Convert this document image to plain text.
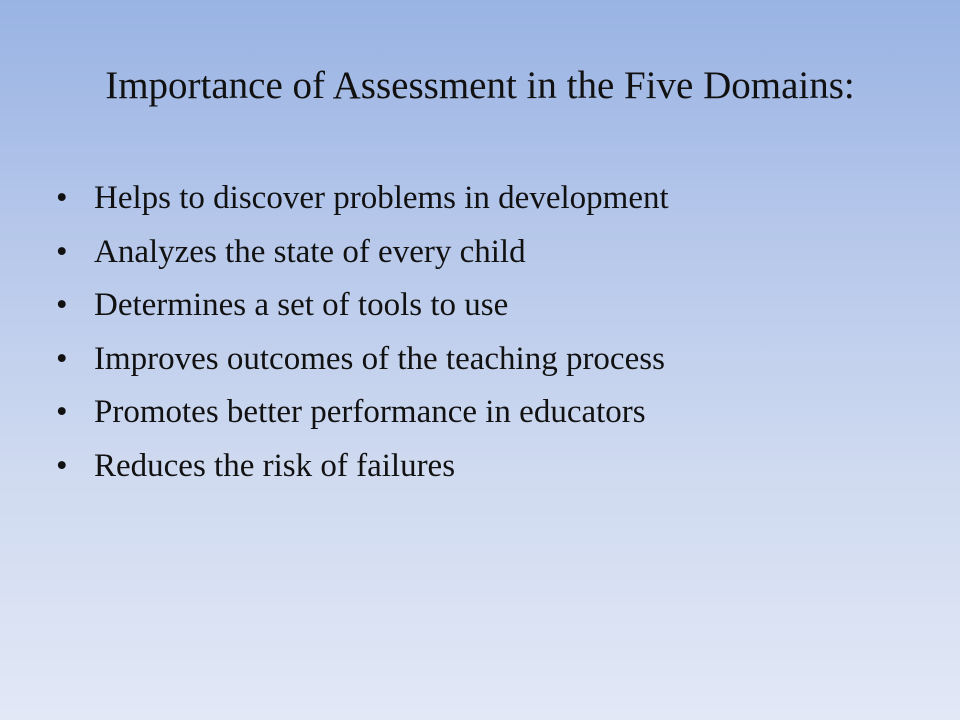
Importance of Assessment in the Five Domains:
• Helps to discover problems in development
• Analyzes the state of every child
• Determines a set of tools to use
• Improves outcomes of the teaching process
• Promotes better performance in educators
• Reduces the risk of failures
